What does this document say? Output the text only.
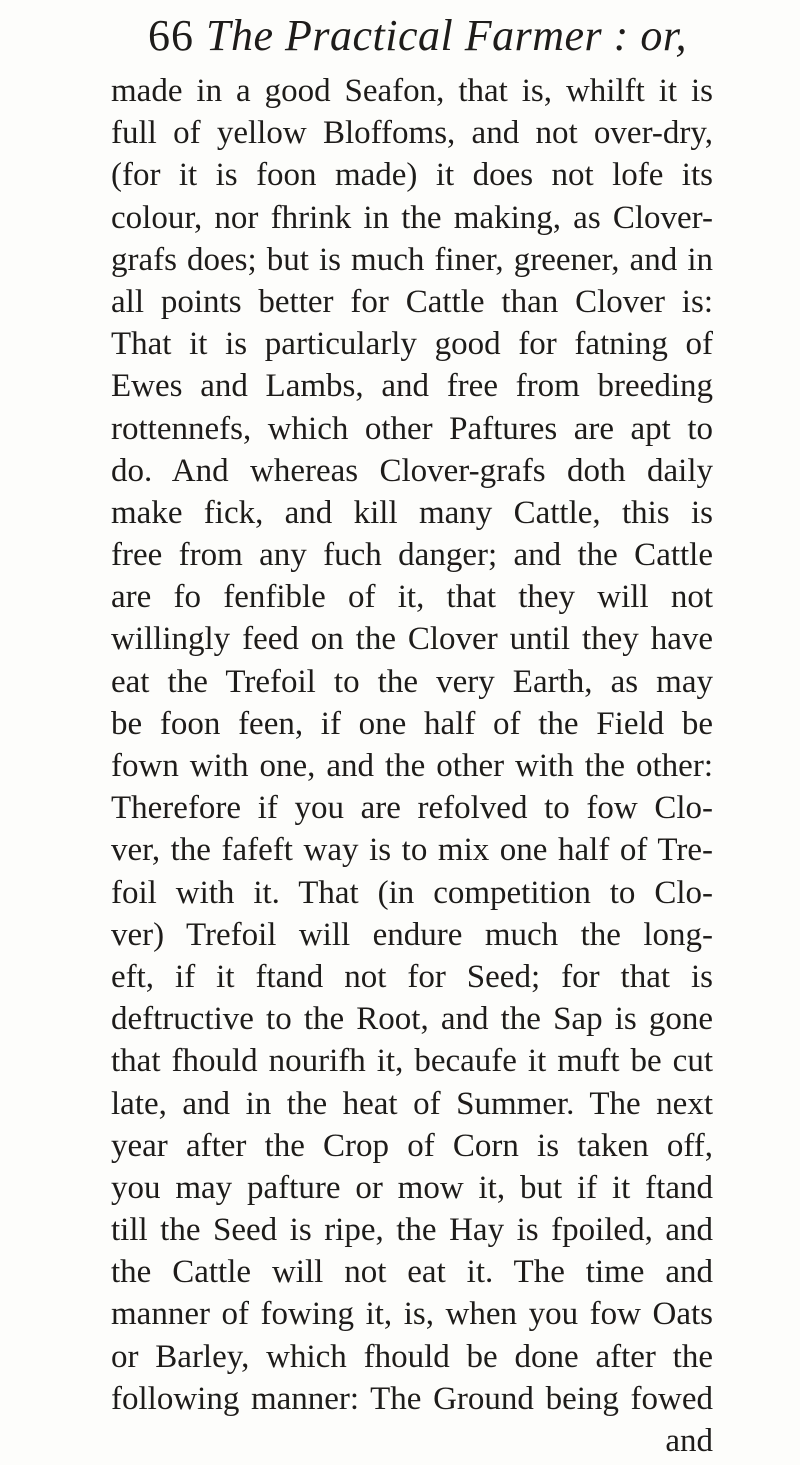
66 The Practical Farmer : or,
made in a good Seafon, that is, whilft it is
full of yellow Bloffoms, and not over-dry,
(for it is foon made) it does not lofe its
colour, nor fhrink in the making, as Clover-
grafs does; but is much finer, greener, and in
all points better for Cattle than Clover is:
That it is particularly good for fatning of
Ewes and Lambs, and free from breeding
rottennefs, which other Paftures are apt to
do. And whereas Clover-grafs doth daily
make fick, and kill many Cattle, this is
free from any fuch danger; and the Cattle
are fo fenfible of it, that they will not
willingly feed on the Clover until they have
eat the Trefoil to the very Earth, as may
be foon feen, if one half of the Field be
fown with one, and the other with the other:
Therefore if you are refolved to fow Clo-
ver, the fafeft way is to mix one half of Tre-
foil with it. That (in competition to Clo-
ver) Trefoil will endure much the long-
eft, if it ftand not for Seed; for that is
deftructive to the Root, and the Sap is gone
that fhould nourifh it, becaufe it muft be cut
late, and in the heat of Summer. The next
year after the Crop of Corn is taken off,
you may pafture or mow it, but if it ftand
till the Seed is ripe, the Hay is fpoiled, and
the Cattle will not eat it. The time and
manner of fowing it, is, when you fow Oats
or Barley, which fhould be done after the
following manner: The Ground being fowed
and
